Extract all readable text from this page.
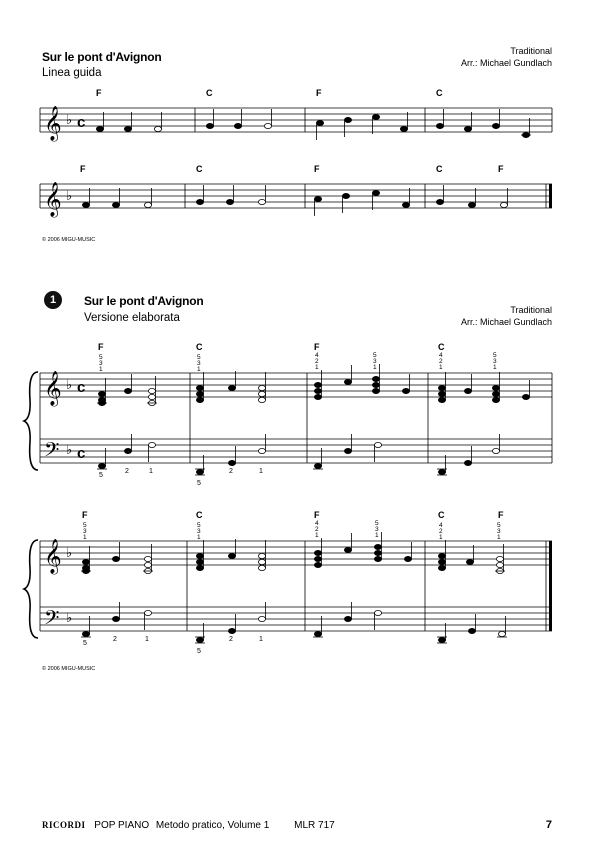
Sur le pont d'Avignon
Linea guida
Traditional
Arr.: Michael Gundlach
𝄞 ♭ c
F	C	F	C
𝄞 ♭
F	C	F	C	F
𝄞 ♭ c
𝄢 ♭ c
F	C	F	C
5
3
1
5
3
1
4
2
1
5
3
1
4
2
1
5
3
1
5
2	1
5
2	1
𝄞 ♭
𝄢 ♭
F	C	F	C	F
5
3
1
5
3
1
4
2
1
5
3
1
4
2
1
5
3
1
5
2	1
5
2	1
© 2006 MIGU-MUSIC
1	Sur le pont d'Avignon
Versione elaborata
Traditional
Arr.: Michael Gundlach
© 2006 MIGU-MUSIC
RICORDI POP PIANO Metodo pratico, Volume 1 MLR 717	7
